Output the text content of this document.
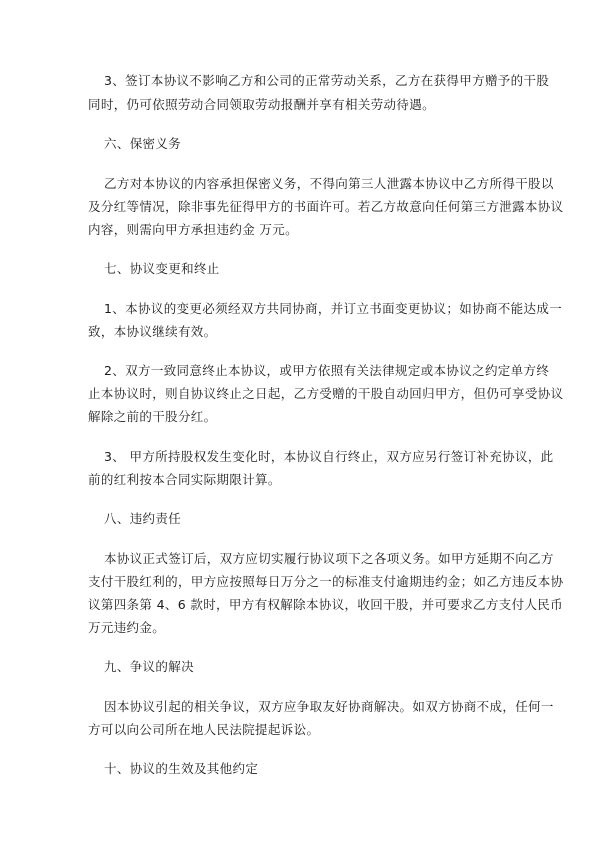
3、签订本协议不影响乙方和公司的正常劳动关系，乙方在获得甲方赠予的干股
同时，仍可依照劳动合同领取劳动报酬并享有相关劳动待遇。
六、保密义务
乙方对本协议的内容承担保密义务，不得向第三人泄露本协议中乙方所得干股以
及分红等情况，除非事先征得甲方的书面许可。若乙方故意向任何第三方泄露本协议
内容，则需向甲方承担违约金 万元。
七、协议变更和终止
1、本协议的变更必须经双方共同协商，并订立书面变更协议；如协商不能达成一
致，本协议继续有效。
2、双方一致同意终止本协议，或甲方依照有关法律规定或本协议之约定单方终
止本协议时，则自协议终止之日起，乙方受赠的干股自动回归甲方，但仍可享受协议
解除之前的干股分红。
3、 甲方所持股权发生变化时，本协议自行终止，双方应另行签订补充协议，此
前的红利按本合同实际期限计算。
八、违约责任
本协议正式签订后，双方应切实履行协议项下之各项义务。如甲方延期不向乙方
支付干股红利的，甲方应按照每日万分之一的标准支付逾期违约金；如乙方违反本协
议第四条第 4、6 款时，甲方有权解除本协议，收回干股，并可要求乙方支付人民币
万元违约金。
九、争议的解决
因本协议引起的相关争议，双方应争取友好协商解决。如双方协商不成，任何一
方可以向公司所在地人民法院提起诉讼。
十、协议的生效及其他约定
